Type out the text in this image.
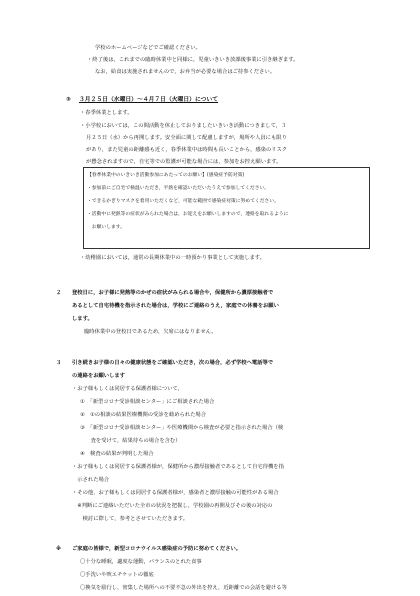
学校のホームページなどでご確認ください。
・終了後は，これまでの臨時休業中と同様に，児童いきいき放課後事業に引き継ぎます。
なお，給食は実施されませんので，お弁当が必要な場合はご持参ください。
③ ３月２５日（水曜日）～４月７日（火曜日）について
・春季休業とします。
・小学校においては，この間活動を休止しておりましたいきいき活動につきまして，３
月２５日（水）から再開します。安全面に関して配慮しますが，場所や人員にも限り
があり，また児童の距離感も近く，春季休業中は時間も長いことから，感染のリスク
が懸念されますので，自宅等での監護が可能な場合には，参加をお控え願います。
【春季休業中のいきいき活動参加にあたってのお願い】(感染症予防対策)
・参加前にご自宅で検温いただき，平熱を確認いただいたうえで参加してください。
・できるかぎりマスクを着用いただくなど，可能な範囲で感染症対策に努めてください。
・活動中に発熱等の症状がみられた場合は，お迎えをお願いしますので，連絡を取れるように
　お願いします。
・幼稚園においては，通常の長期休業中の一時預かり事業として実施します。
２ 登校日に，お子様に発熱等のかぜの症状がみられる場合や，保健所から濃厚接触者で
あるとして自宅待機を指示された場合は，学校にご連絡のうえ，家庭での休養をお願い
します。
臨時休業中の登校日であるため，欠席にはなりません。
３ 引き続きお子様の日々の健康状態をご確認いただき，次の場合，必ず学校へ電話等で
の連絡をお願いします
・お子様もしくは同居する保護者様について，
①　「新型コロナ受診相談センター」にご相談された場合
②　①の相談の結果医療機関の受診を勧められた場合
③　「新型コロナ受診相談センター」や医療機関から検査が必要と指示された場合（検
　　査を受けて，結果待ちの場合を含む）
④　検査の結果が判明した場合
・お子様もしくは同居する保護者様が，保健所から濃厚接触者であるとして自宅待機を指
　示された場合
・その他，お子様もしくは同居する保護者様が，感染者と濃厚接触の可能性がある場合
　※判断にご連絡いただいた全市の状況を把握し，学校園の再開及びその後の対応の
　　検討に際して，参考とさせていただきます。
※ ご家庭の皆様で，新型コロナウイルス感染症の予防に努めてください。
〇十分な睡眠，適度な運動，バランスのとれた食事
〇手洗いや咳エチケットの徹底
〇換気を励行し，密集した場所への不要不急の外出を控え，近距離での会話を避ける等
